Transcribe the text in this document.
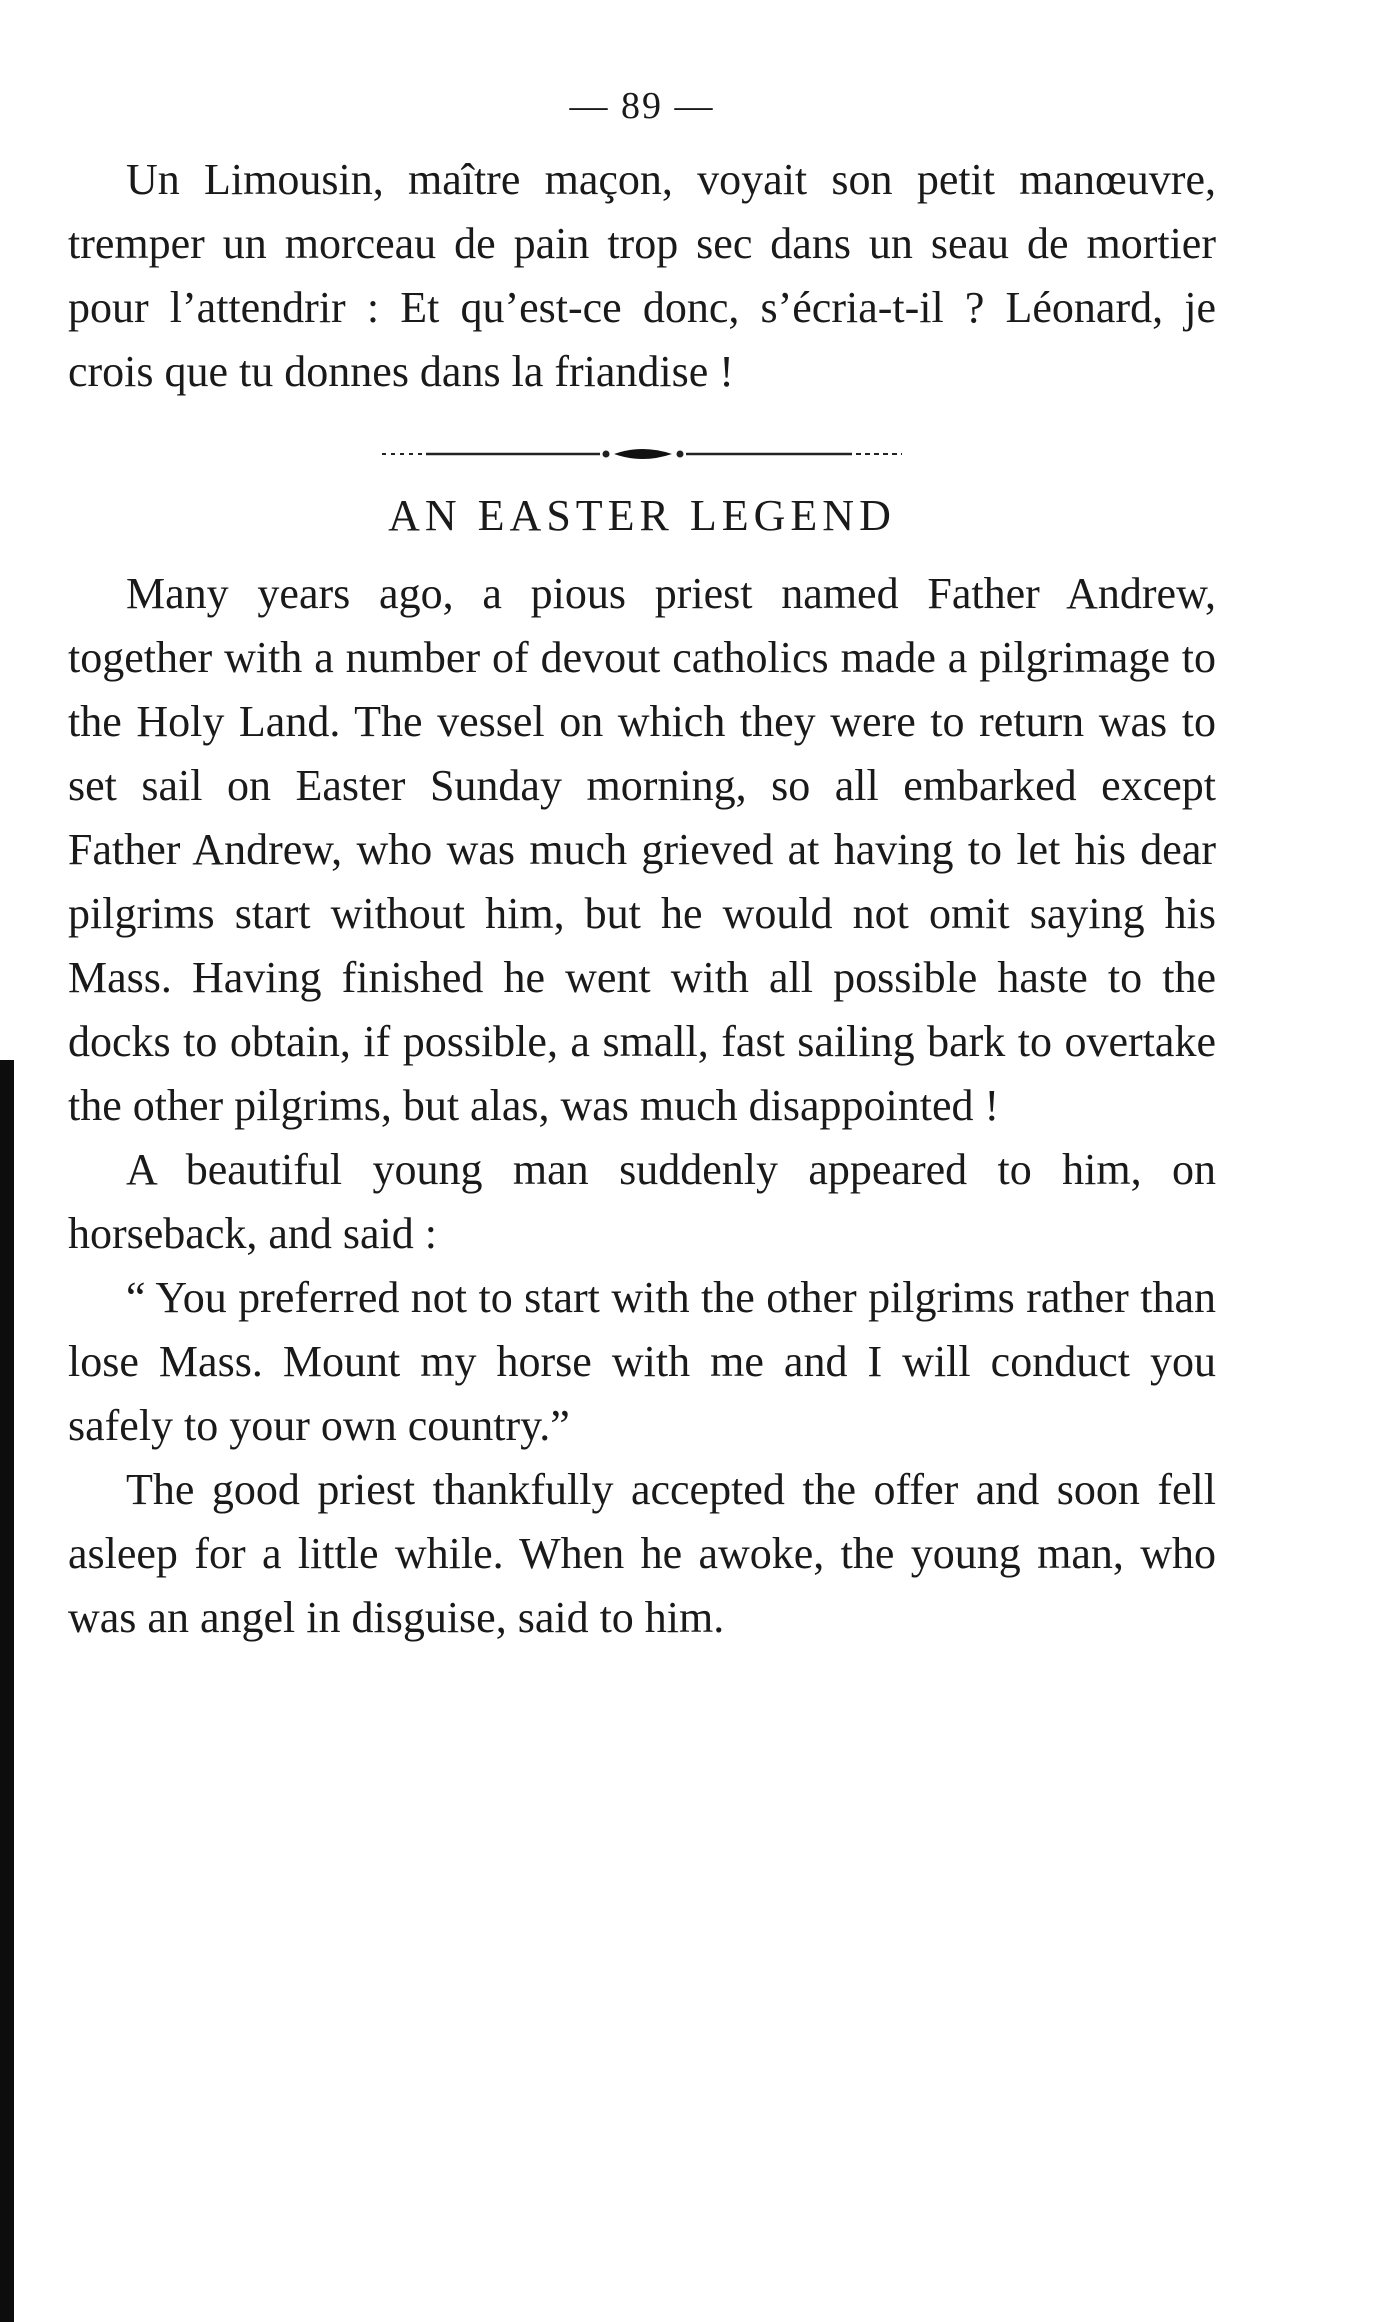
— 89 —

Un Limousin, maître maçon, voyait son petit manœuvre, tremper un morceau de pain trop sec dans un seau de mortier pour l’attendrir : Et qu’est-ce donc, s’écria-t-il ? Léonard, je crois que tu donnes dans la friandise !

AN EASTER LEGEND

Many years ago, a pious priest named Father Andrew, together with a number of devout catholics made a pilgrimage to the Holy Land. The vessel on which they were to return was to set sail on Easter Sunday morning, so all embarked except Father Andrew, who was much grieved at having to let his dear pilgrims start without him, but he would not omit saying his Mass. Having finished he went with all possible haste to the docks to obtain, if possible, a small, fast sailing bark to overtake the other pilgrims, but alas, was much disappointed !

A beautiful young man suddenly appeared to him, on horseback, and said :

“ You preferred not to start with the other pilgrims rather than lose Mass. Mount my horse with me and I will conduct you safely to your own country.”

The good priest thankfully accepted the offer and soon fell asleep for a little while. When he awoke, the young man, who was an angel in disguise, said to him.
